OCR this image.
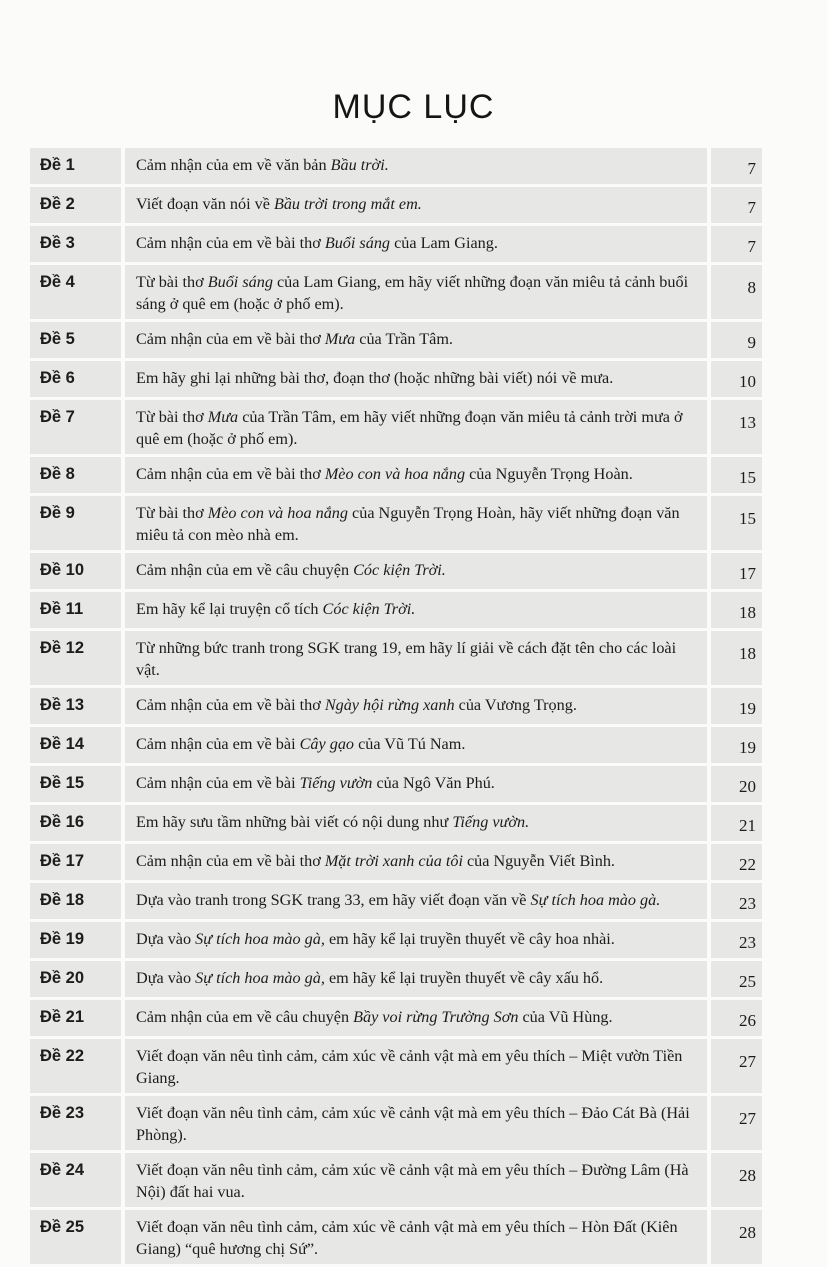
MỤC LỤC
Đề 1	Cảm nhận của em về văn bản Bầu trời.	7
Đề 2	Viết đoạn văn nói về Bầu trời trong mắt em.	7
Đề 3	Cảm nhận của em về bài thơ Buổi sáng của Lam Giang.	7
Đề 4	Từ bài thơ Buổi sáng của Lam Giang, em hãy viết những đoạn văn miêu tả cảnh buổi sáng ở quê em (hoặc ở phố em).	8
Đề 5	Cảm nhận của em về bài thơ Mưa của Trần Tâm.	9
Đề 6	Em hãy ghi lại những bài thơ, đoạn thơ (hoặc những bài viết) nói về mưa.	10
Đề 7	Từ bài thơ Mưa của Trần Tâm, em hãy viết những đoạn văn miêu tả cảnh trời mưa ở quê em (hoặc ở phố em).	13
Đề 8	Cảm nhận của em về bài thơ Mèo con và hoa nắng của Nguyễn Trọng Hoàn.	15
Đề 9	Từ bài thơ Mèo con và hoa nắng của Nguyễn Trọng Hoàn, hãy viết những đoạn văn miêu tả con mèo nhà em.	15
Đề 10	Cảm nhận của em về câu chuyện Cóc kiện Trời.	17
Đề 11	Em hãy kể lại truyện cổ tích Cóc kiện Trời.	18
Đề 12	Từ những bức tranh trong SGK trang 19, em hãy lí giải về cách đặt tên cho các loài vật.	18
Đề 13	Cảm nhận của em về bài thơ Ngày hội rừng xanh của Vương Trọng.	19
Đề 14	Cảm nhận của em về bài Cây gạo của Vũ Tú Nam.	19
Đề 15	Cảm nhận của em về bài Tiếng vườn của Ngô Văn Phú.	20
Đề 16	Em hãy sưu tầm những bài viết có nội dung như Tiếng vườn.	21
Đề 17	Cảm nhận của em về bài thơ Mặt trời xanh của tôi của Nguyễn Viết Bình.	22
Đề 18	Dựa vào tranh trong SGK trang 33, em hãy viết đoạn văn về Sự tích hoa mào gà.	23
Đề 19	Dựa vào Sự tích hoa mào gà, em hãy kể lại truyền thuyết về cây hoa nhài.	23
Đề 20	Dựa vào Sự tích hoa mào gà, em hãy kể lại truyền thuyết về cây xấu hổ.	25
Đề 21	Cảm nhận của em về câu chuyện Bầy voi rừng Trường Sơn của Vũ Hùng.	26
Đề 22	Viết đoạn văn nêu tình cảm, cảm xúc về cảnh vật mà em yêu thích – Miệt vườn Tiền Giang.	27
Đề 23	Viết đoạn văn nêu tình cảm, cảm xúc về cảnh vật mà em yêu thích – Đảo Cát Bà (Hải Phòng).	27
Đề 24	Viết đoạn văn nêu tình cảm, cảm xúc về cảnh vật mà em yêu thích – Đường Lâm (Hà Nội) đất hai vua.	28
Đề 25	Viết đoạn văn nêu tình cảm, cảm xúc về cảnh vật mà em yêu thích – Hòn Đất (Kiên Giang) “quê hương chị Sứ”.	28
